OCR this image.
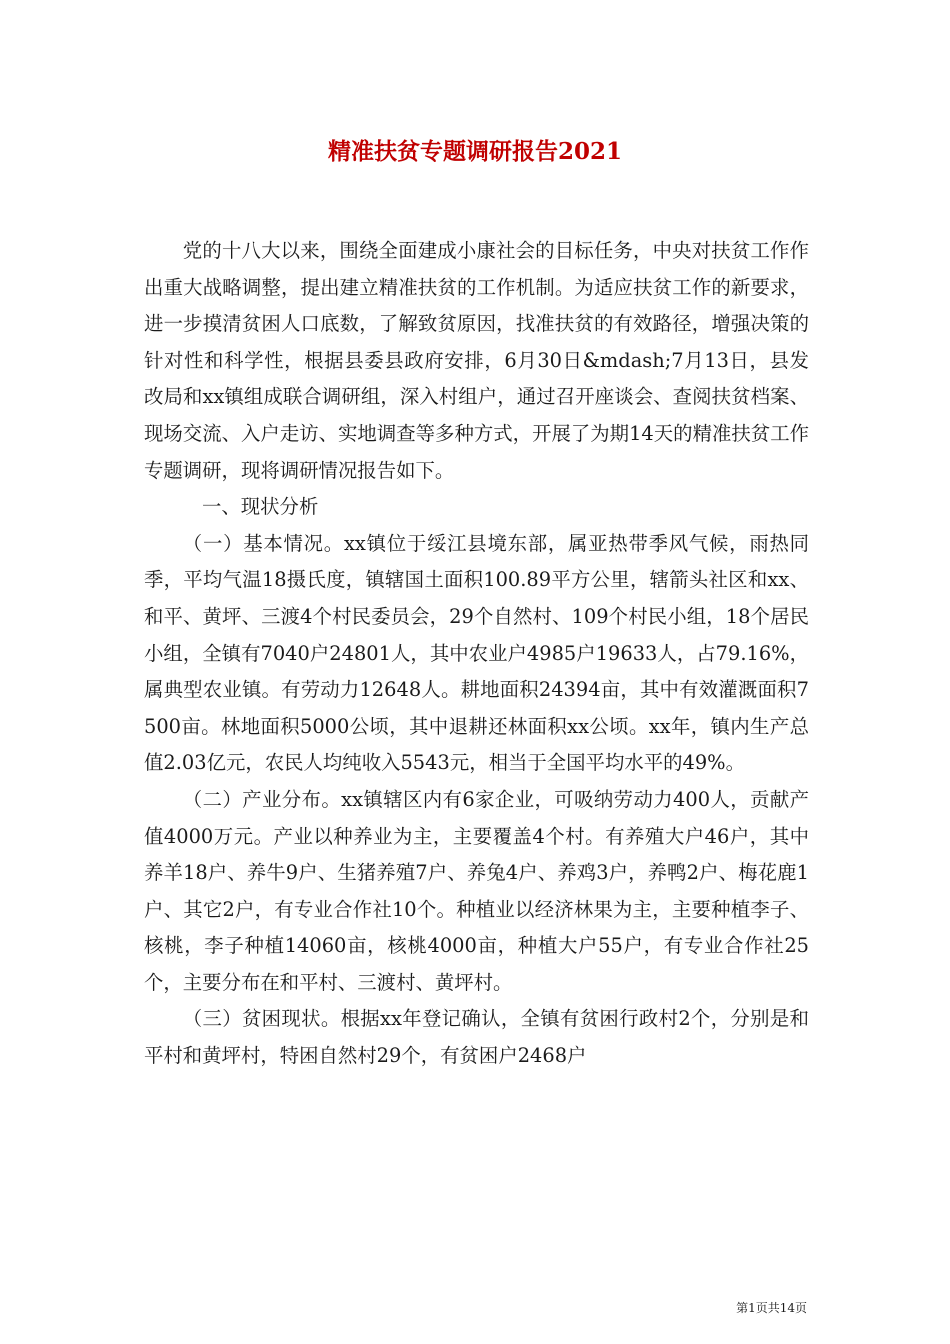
精准扶贫专题调研报告2021

党的十八大以来，围绕全面建成小康社会的目标任务，中央对扶贫工作作出重大战略调整，提出建立精准扶贫的工作机制。为适应扶贫工作的新要求，进一步摸清贫困人口底数，了解致贫原因，找准扶贫的有效路径，增强决策的针对性和科学性，根据县委县政府安排，6月30日&mdash;7月13日，县发改局和xx镇组成联合调研组，深入村组户，通过召开座谈会、查阅扶贫档案、现场交流、入户走访、实地调查等多种方式，开展了为期14天的精准扶贫工作专题调研，现将调研情况报告如下。

一、现状分析

（一）基本情况。xx镇位于绥江县境东部，属亚热带季风气候，雨热同季，平均气温18摄氏度，镇辖国土面积100.89平方公里，辖箭头社区和xx、和平、黄坪、三渡4个村民委员会，29个自然村、109个村民小组，18个居民小组，全镇有7040户24801人，其中农业户4985户19633人，占79.16%，属典型农业镇。有劳动力12648人。耕地面积24394亩，其中有效灌溉面积7500亩。林地面积5000公顷，其中退耕还林面积xx公顷。xx年，镇内生产总值2.03亿元，农民人均纯收入5543元，相当于全国平均水平的49%。

（二）产业分布。xx镇辖区内有6家企业，可吸纳劳动力400人，贡献产值4000万元。产业以种养业为主，主要覆盖4个村。有养殖大户46户，其中养羊18户、养牛9户、生猪养殖7户、养兔4户、养鸡3户，养鸭2户、梅花鹿1户、其它2户，有专业合作社10个。种植业以经济林果为主，主要种植李子、核桃，李子种植14060亩，核桃4000亩，种植大户55户，有专业合作社25个，主要分布在和平村、三渡村、黄坪村。

（三）贫困现状。根据xx年登记确认，全镇有贫困行政村2个，分别是和平村和黄坪村，特困自然村29个，有贫困户2468户

第1页共14页
